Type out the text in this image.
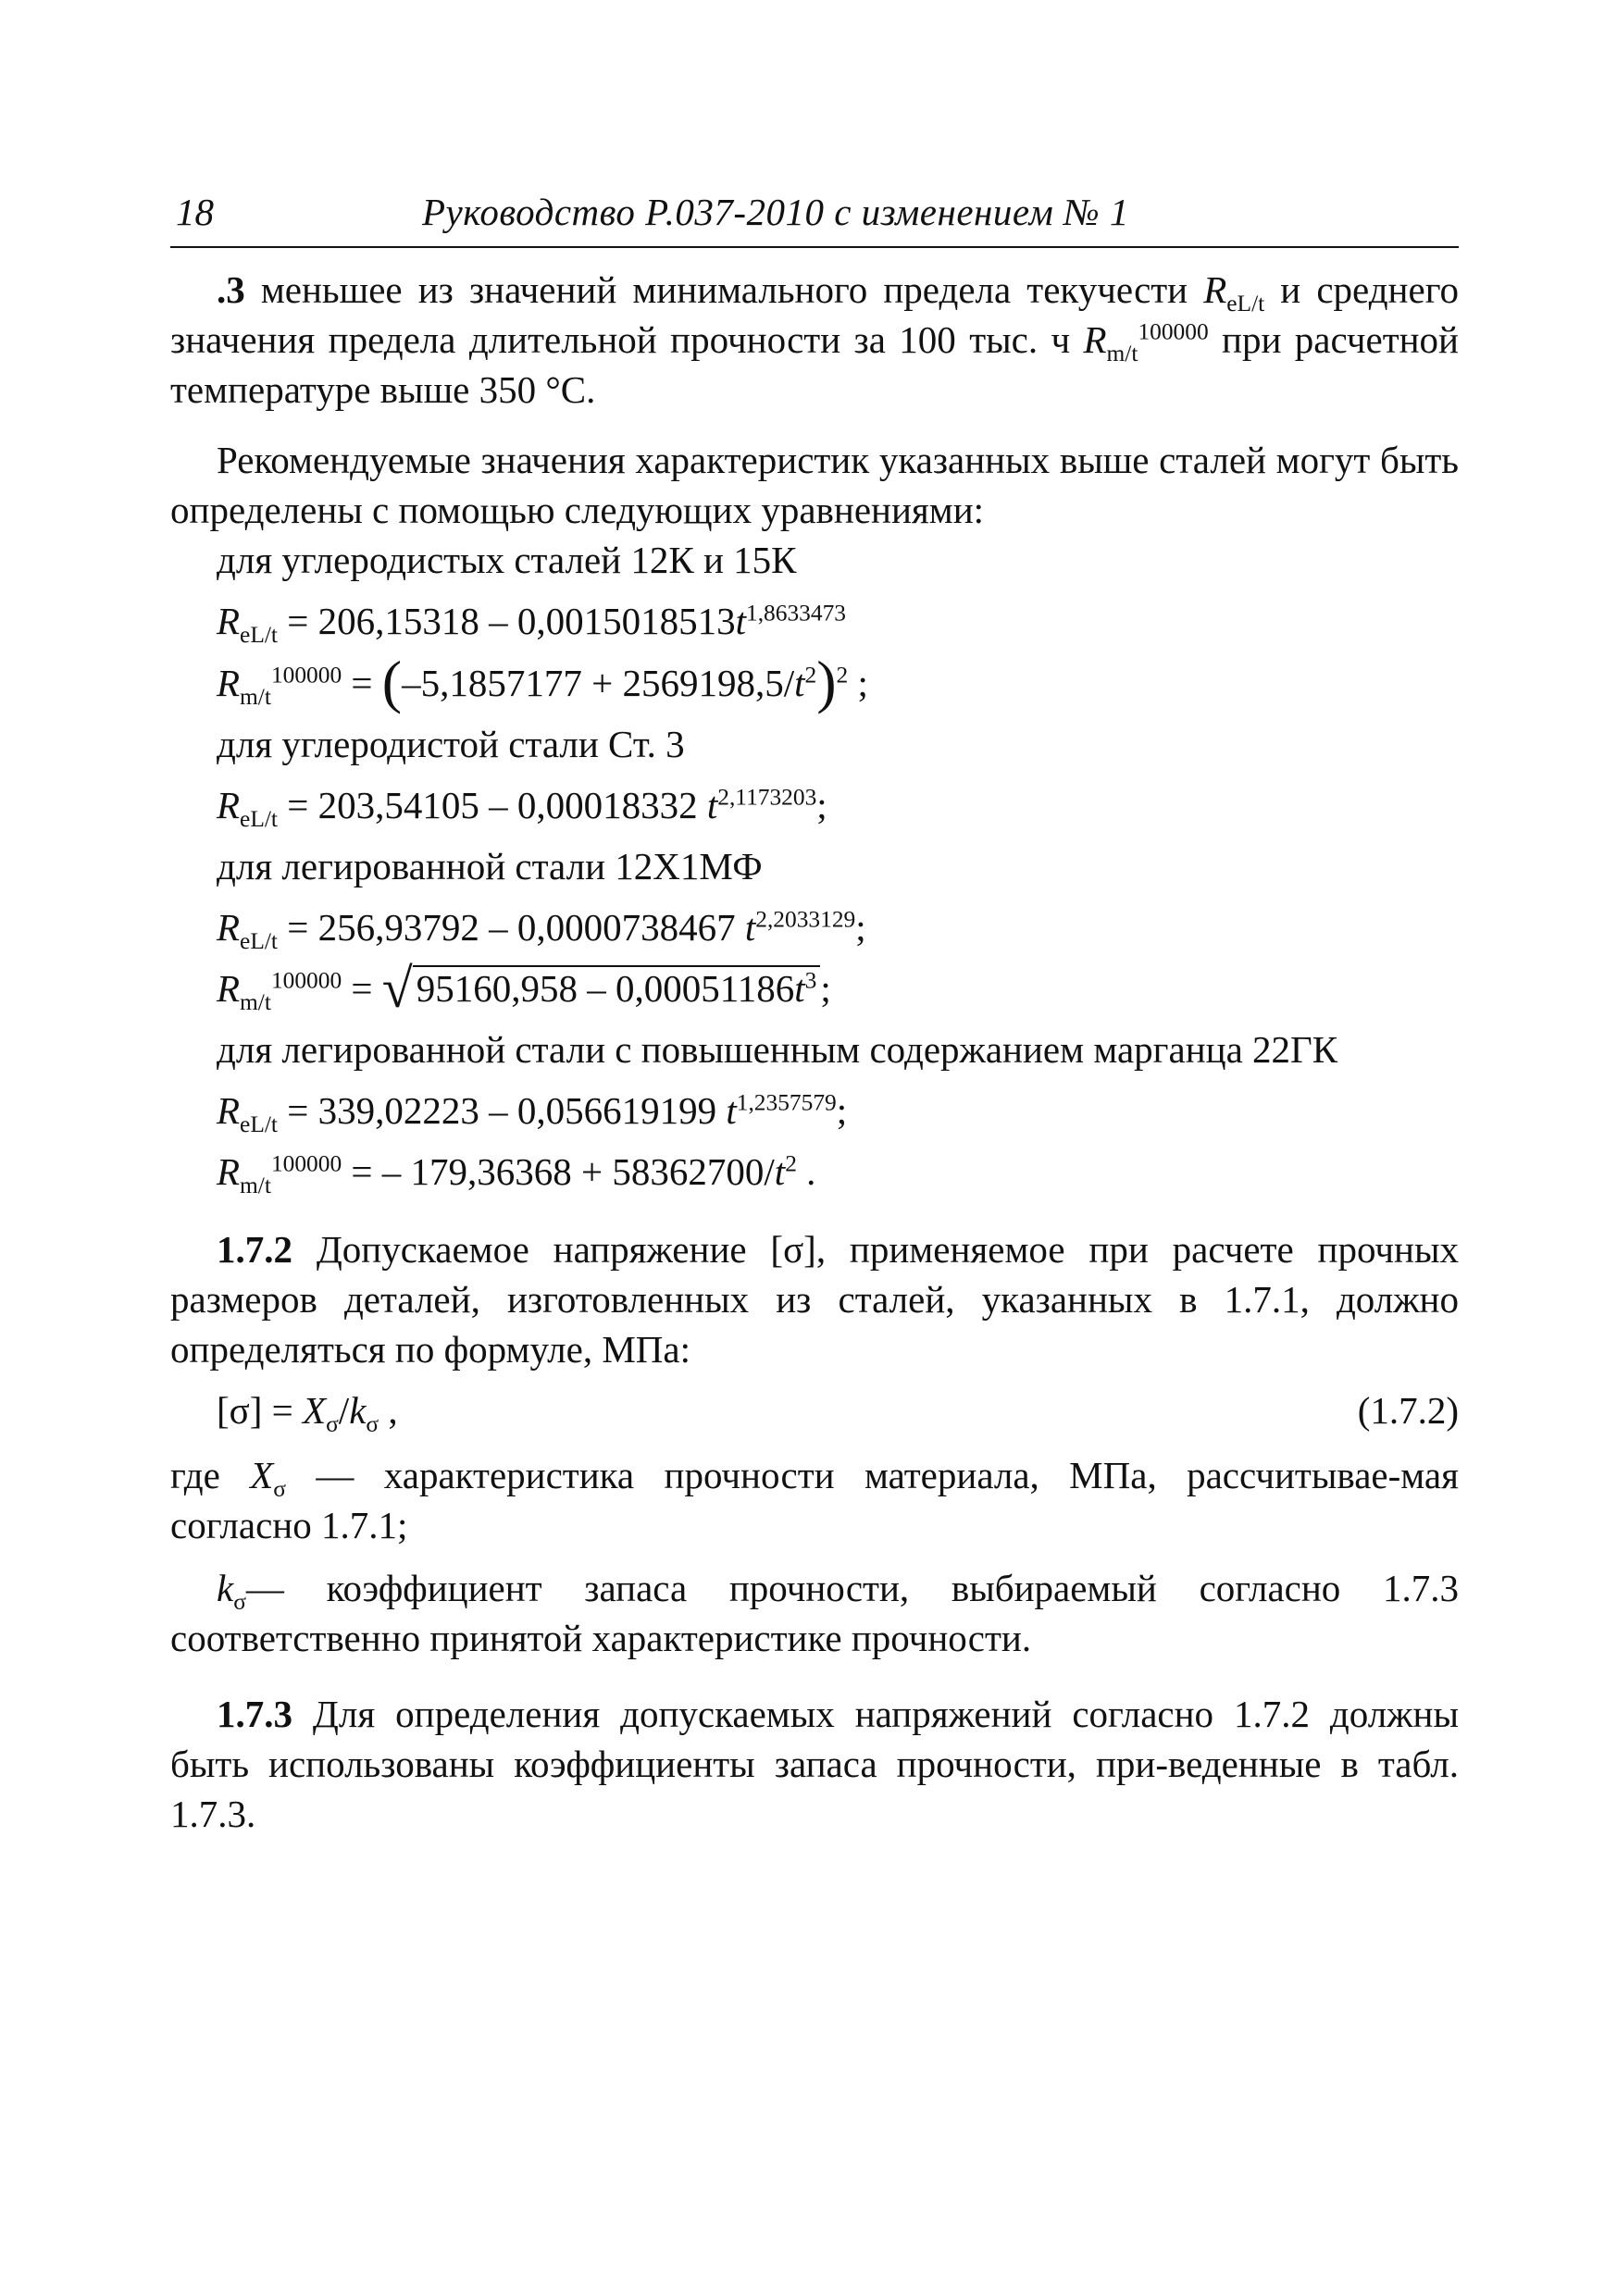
18	Руководство Р.037-2010 с изменением № 1

.3 меньшее из значений минимального предела текучести $R_{eL/t}$ и среднего значения предела длительной прочности за 100 тыс. ч $R_{m/t}^{100000}$ при расчетной температуре выше 350 °С.

Рекомендуемые значения характеристик указанных выше сталей могут быть определены с помощью следующих уравнениями:

для углеродистых сталей 12К и 15К
$R_{eL/t} = 206,15318 - 0,0015018513t^{1,8633473}$
$R_{m/t}^{100000} = (-5,1857177 + 2569198,5/t^2)^2$ ;
для углеродистой стали Ст. 3
$R_{eL/t} = 203,54105 - 0,00018332$ $t^{2,1173203}$;
для легированной стали 12Х1МФ
$R_{eL/t} = 256,93792 - 0,0000738467$ $t^{2,2033129}$;
$R_{m/t}^{100000} = √95160,958 - 0,00051186t^3$;

для легированной стали с повышенным содержанием марганца 22ГК

$R_{eL/t} = 339,02223 - 0,056619199$ $t^{1,2357579}$;
$R_{m/t}^{100000}$ = – $179,36368 + 58362700/t^2$ .

1.7.2 Допускаемое напряжение [σ], применяемое при расчете прочных размеров деталей, изготовленных из сталей, указанных в 1.7.1, должно определяться по формуле, МПа:

$[\sigma] = X_\sigma/k_\sigma$ ,	(1.7.2)

где $X_\sigma$ — характеристика прочности материала, МПа, рассчитывае-мая согласно 1.7.1;

$k_\sigma—$ коэффициент запаса прочности, выбираемый согласно 1.7.3 соответственно принятой характеристике прочности.

1.7.3 Для определения допускаемых напряжений согласно 1.7.2 должны быть использованы коэффициенты запаса прочности, при-веденные в табл. 1.7.3.
